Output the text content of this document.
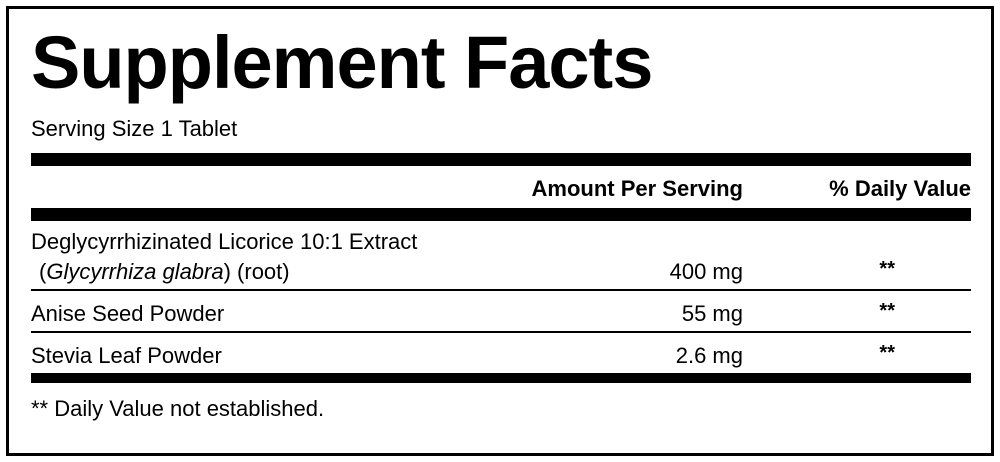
Supplement Facts
Serving Size 1 Tablet
Amount Per Serving	% Daily Value
Deglycyrrhizinated Licorice 10:1 Extract
(Glycyrrhiza glabra) (root)	400 mg	**
Anise Seed Powder	55 mg	**
Stevia Leaf Powder	2.6 mg	**
** Daily Value not established.
